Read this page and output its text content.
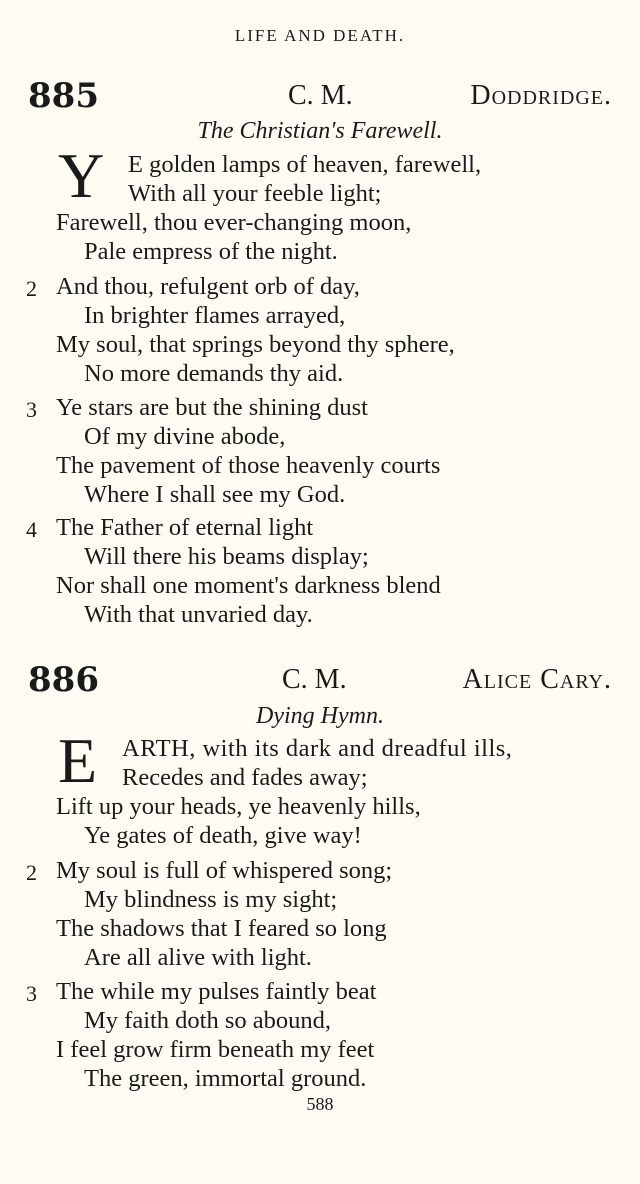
LIFE AND DEATH.
885	C. M.	Doddridge.
The Christian's Farewell.
Y E golden lamps of heaven, farewell,
With all your feeble light;
Farewell, thou ever-changing moon,
Pale empress of the night.
2 And thou, refulgent orb of day,
In brighter flames arrayed,
My soul, that springs beyond thy sphere,
No more demands thy aid.
3 Ye stars are but the shining dust
Of my divine abode,
The pavement of those heavenly courts
Where I shall see my God.
4 The Father of eternal light
Will there his beams display;
Nor shall one moment's darkness blend
With that unvaried day.
886	C. M.	Alice Cary.
Dying Hymn.
E ARTH, with its dark and dreadful ills,
Recedes and fades away;
Lift up your heads, ye heavenly hills,
Ye gates of death, give way!
2 My soul is full of whispered song;
My blindness is my sight;
The shadows that I feared so long
Are all alive with light.
3 The while my pulses faintly beat
My faith doth so abound,
I feel grow firm beneath my feet
The green, immortal ground.
588
